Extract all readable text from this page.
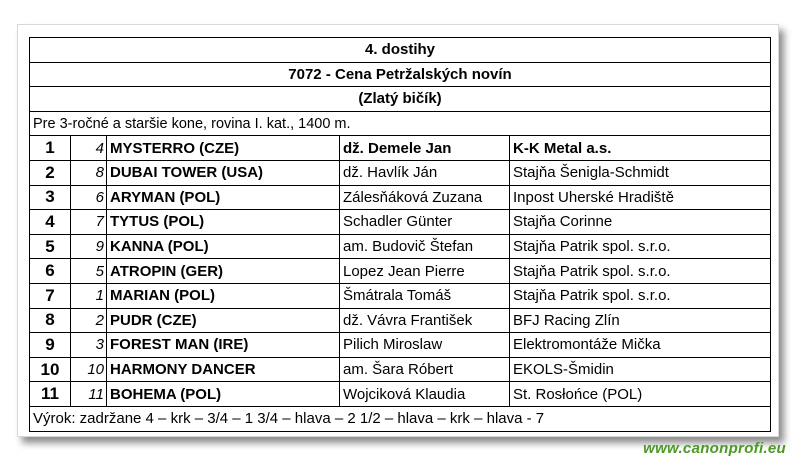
4. dostihy				
7072 - Cena Petržalských novín				
(Zlatý bičík)				
Pre 3-ročné a staršie kone, rovina I. kat., 1400 m.				
1	4	MYSTERRO (CZE)	dž. Demele Jan	K-K Metal a.s.
2	8	DUBAI TOWER (USA)	dž. Havlík Ján	Stajňa Šenigla-Schmidt
3	6	ARYMAN (POL)	Zálesňáková Zuzana	Inpost Uherské Hradiště
4	7	TYTUS (POL)	Schadler Günter	Stajňa Corinne
5	9	KANNA (POL)	am. Budovič Štefan	Stajňa Patrik spol. s.r.o.
6	5	ATROPIN (GER)	Lopez Jean Pierre	Stajňa Patrik spol. s.r.o.
7	1	MARIAN (POL)	Šmátrala Tomáš	Stajňa Patrik spol. s.r.o.
8	2	PUDR (CZE)	dž. Vávra František	BFJ Racing Zlín
9	3	FOREST MAN (IRE)	Pilich Miroslaw	Elektromontáže Mička
10	10	HARMONY DANCER	am. Šara Róbert	EKOLS-Šmidin
11	11	BOHEMA (POL)	Wojciková Klaudia	St. Rosłońce (POL)
Výrok: zadržane 4 – krk – 3/4 – 1 3/4 – hlava – 2 1/2 – hlava – krk – hlava - 7				
www.canonprofi.eu
